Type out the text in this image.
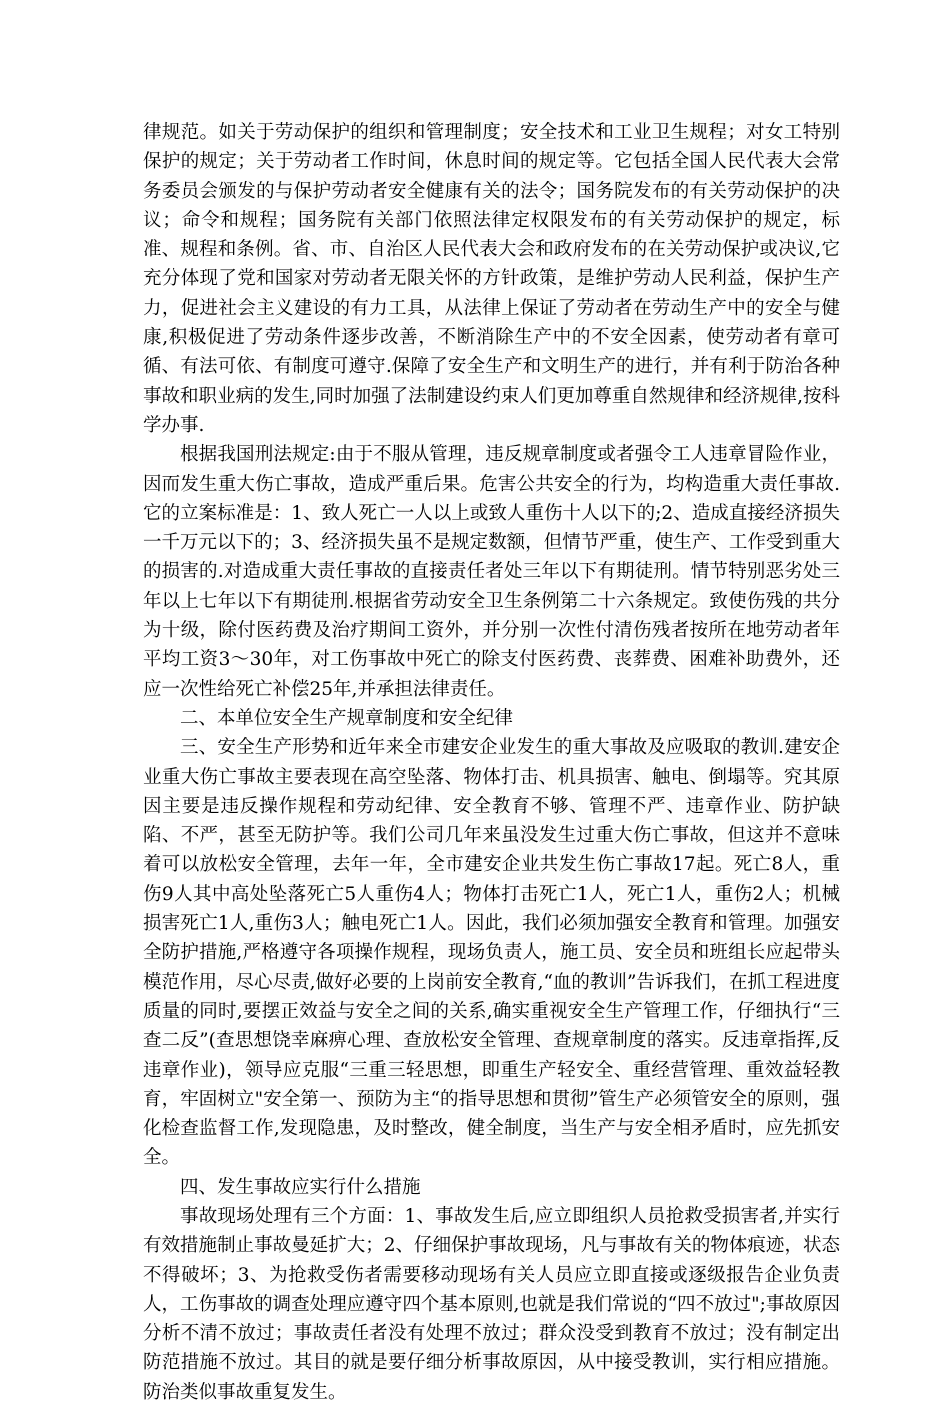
律规范。如关于劳动保护的组织和管理制度；安全技术和工业卫生规程；对女工特别保护的规定；关于劳动者工作时间，休息时间的规定等。它包括全国人民代表大会常务委员会颁发的与保护劳动者安全健康有关的法令；国务院发布的有关劳动保护的决议；命令和规程；国务院有关部门依照法律定权限发布的有关劳动保护的规定，标准、规程和条例。省、市、自治区人民代表大会和政府发布的在关劳动保护或决议,它充分体现了党和国家对劳动者无限关怀的方针政策，是维护劳动人民利益，保护生产力，促进社会主义建设的有力工具，从法律上保证了劳动者在劳动生产中的安全与健康,积极促进了劳动条件逐步改善，不断消除生产中的不安全因素，使劳动者有章可循、有法可依、有制度可遵守.保障了安全生产和文明生产的进行，并有利于防治各种事故和职业病的发生,同时加强了法制建设约束人们更加尊重自然规律和经济规律,按科学办事.

根据我国刑法规定:由于不服从管理，违反规章制度或者强令工人违章冒险作业，因而发生重大伤亡事故，造成严重后果。危害公共安全的行为，均构造重大责任事故.它的立案标准是：1、致人死亡一人以上或致人重伤十人以下的;2、造成直接经济损失一千万元以下的；3、经济损失虽不是规定数额，但情节严重，使生产、工作受到重大的损害的.对造成重大责任事故的直接责任者处三年以下有期徒刑。情节特别恶劣处三年以上七年以下有期徒刑.根据省劳动安全卫生条例第二十六条规定。致使伤残的共分为十级，除付医药费及治疗期间工资外，并分别一次性付清伤残者按所在地劳动者年平均工资3～30年，对工伤事故中死亡的除支付医药费、丧葬费、困难补助费外，还应一次性给死亡补偿25年,并承担法律责任。

二、本单位安全生产规章制度和安全纪律

三、安全生产形势和近年来全市建安企业发生的重大事故及应吸取的教训.建安企业重大伤亡事故主要表现在高空坠落、物体打击、机具损害、触电、倒塌等。究其原因主要是违反操作规程和劳动纪律、安全教育不够、管理不严、违章作业、防护缺陷、不严，甚至无防护等。我们公司几年来虽没发生过重大伤亡事故，但这并不意味着可以放松安全管理，去年一年，全市建安企业共发生伤亡事故17起。死亡8人，重伤9人其中高处坠落死亡5人重伤4人；物体打击死亡1人，死亡1人，重伤2人；机械损害死亡1人,重伤3人；触电死亡1人。因此，我们必须加强安全教育和管理。加强安全防护措施,严格遵守各项操作规程，现场负责人，施工员、安全员和班组长应起带头模范作用，尽心尽责,做好必要的上岗前安全教育,“血的教训”告诉我们，在抓工程进度质量的同时,要摆正效益与安全之间的关系,确实重视安全生产管理工作，仔细执行“三查二反”(查思想饶幸麻痹心理、查放松安全管理、查规章制度的落实。反违章指挥,反违章作业)，领导应克服“三重三轻思想，即重生产轻安全、重经营管理、重效益轻教育，牢固树立"安全第一、预防为主“的指导思想和贯彻”管生产必须管安全的原则，强化检查监督工作,发现隐患，及时整改，健全制度，当生产与安全相矛盾时，应先抓安全。

四、发生事故应实行什么措施

事故现场处理有三个方面：1、事故发生后,应立即组织人员抢救受损害者,并实行有效措施制止事故曼延扩大；2、仔细保护事故现场，凡与事故有关的物体痕迹，状态不得破坏；3、为抢救受伤者需要移动现场有关人员应立即直接或逐级报告企业负责人，工伤事故的调查处理应遵守四个基本原则,也就是我们常说的“四不放过";事故原因分析不清不放过；事故责任者没有处理不放过；群众没受到教育不放过；没有制定出防范措施不放过。其目的就是要仔细分析事故原因，从中接受教训，实行相应措施。防治类似事故重复发生。
